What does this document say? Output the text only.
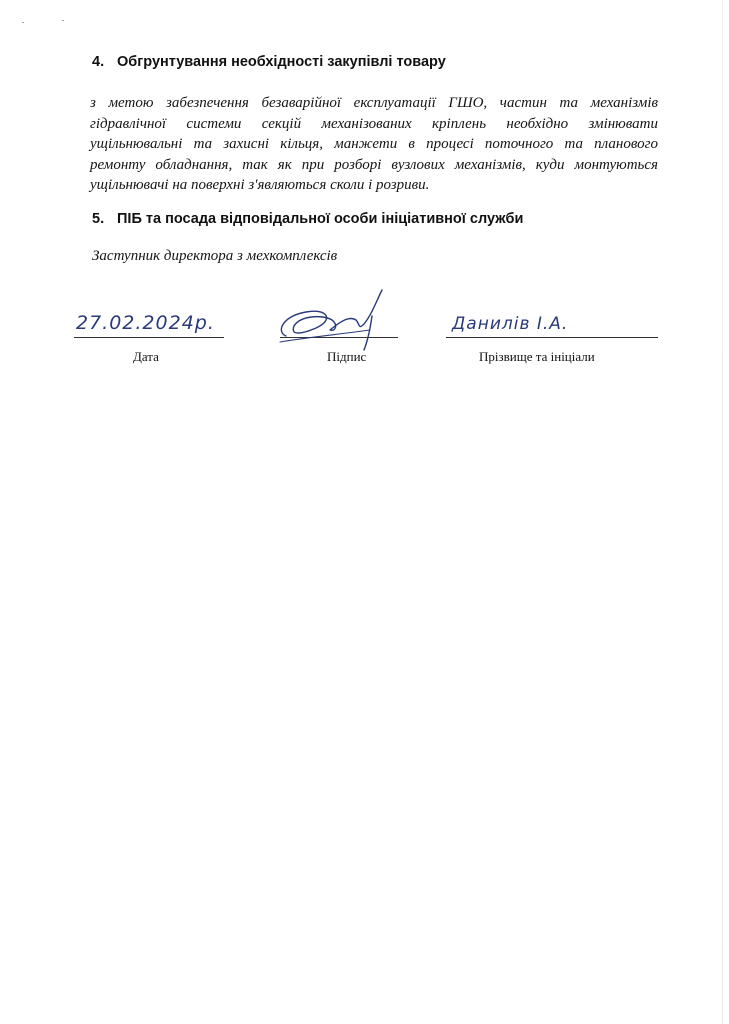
4. Обгрунтування необхідності закупівлі товару
з метою забезпечення безаварійної експлуатації ГШО, частин та механізмів
гідравлічної системи секцій механізованих кріплень необхідно змінювати
ущільнювальні та захисні кільця, манжети в процесі поточного та планового
ремонту обладнання, так як при розборі вузлових механізмів, куди монтуються
ущільнювачі на поверхні з'являються сколи і розриви.
5. ПІБ та посада відповідальної особи ініціативної служби
Заступник директора з мехкомплексів
27.02.2024р.
Дата	Підпис
Данилів І.А.
Прізвище та ініціали
